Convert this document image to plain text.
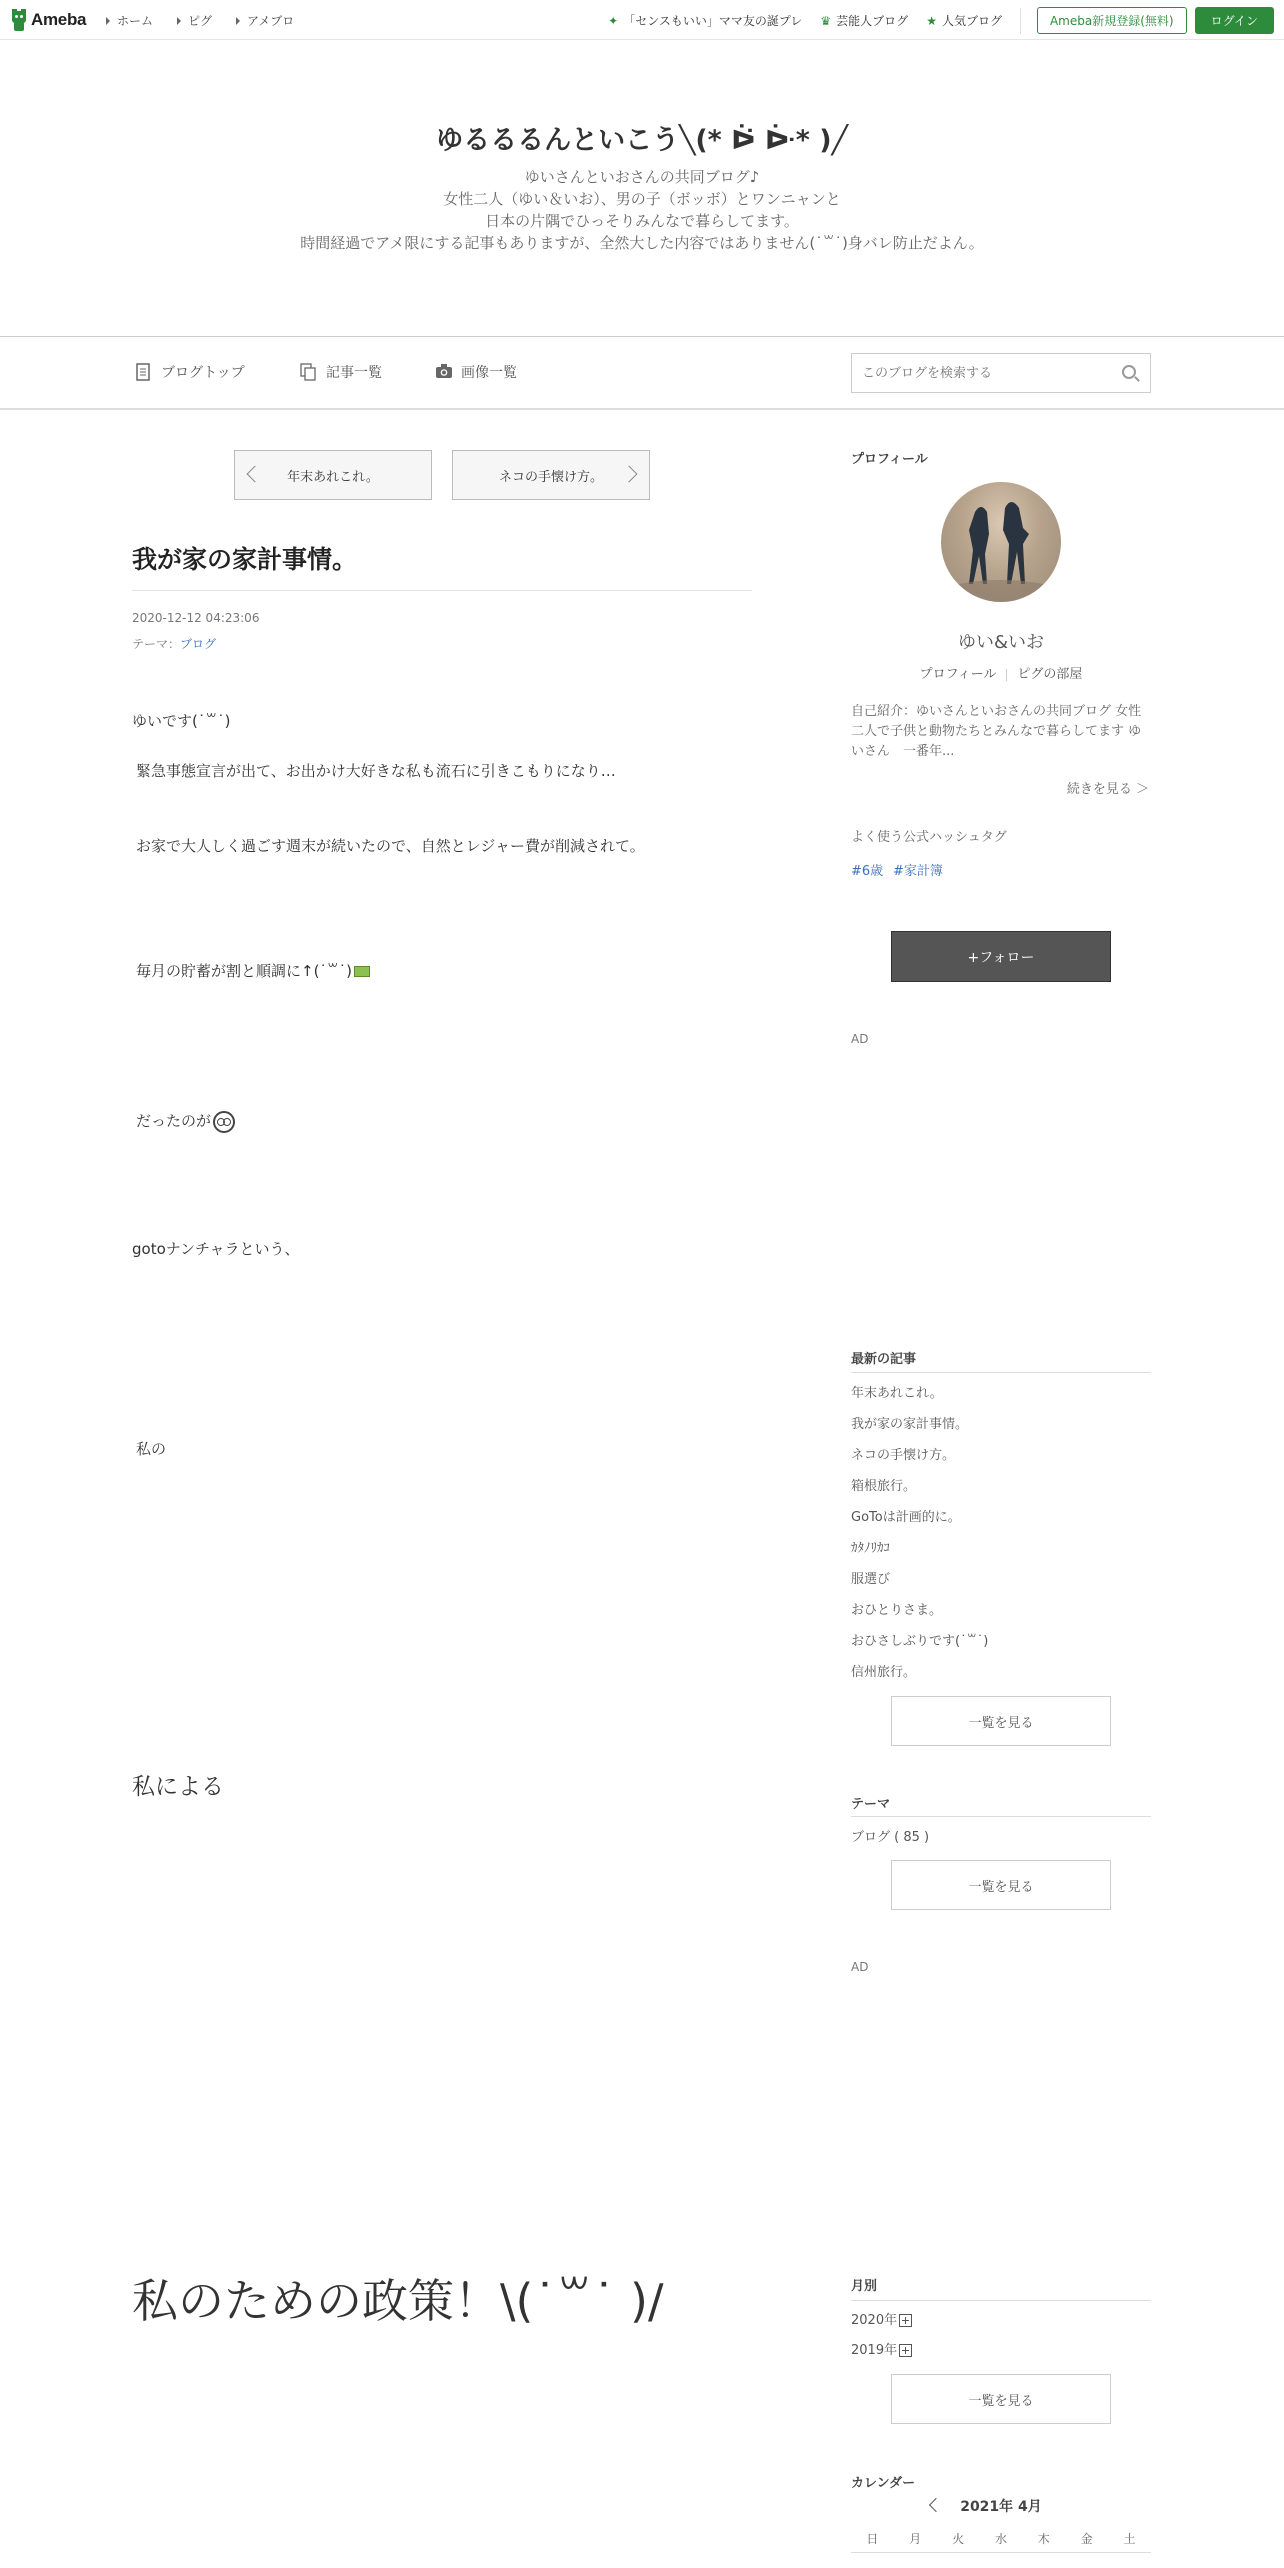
Ameba	ホーム	ピグ	アメブロ	✦ 「センスもいい」ママ友の誕プレ ♛ 芸能人ブログ ★ 人気ブログ	Ameba新規登録(無料)	ログイン
ゆるるるんといこう╲(* ᐖ ᐕ* )╱
ゆいさんといおさんの共同ブログ♪
女性二人（ゆい＆いお）、男の子（ボッボ）とワンニャンと
日本の片隅でひっそりみんなで暮らしてます。
時間経過でアメ限にする記事もありますが、全然大した内容ではありません(˙꒳˙)身バレ防止だよん。
ブログトップ	記事一覧	画像一覧
このブログを検索する
年末あれこれ。	ネコの手懐け方。
我が家の家計事情。
2020-12-12 04:23:06
テーマ：ブログ
ゆいです(˙꒳˙)
緊急事態宣言が出て、お出かけ大好きな私も流石に引きこもりになり…
お家で大人しく過ごす週末が続いたので、自然とレジャー費が削減されて。
毎月の貯蓄が割と順調に↑(˙꒳˙)
だったのが
gotoナンチャラという、
私の
私による
私のための政策！\(˙꒳˙ )/
プロフィール
ゆい&いお
プロフィール ピグの部屋
自己紹介：ゆいさんといおさんの共同ブログ 女性二人で子供と動物たちとみんなで暮らしてます ゆいさん　一番年...
続きを見る ＞
よく使う公式ハッシュタグ
#6歳 #家計簿
+フォロー
AD
最新の記事
年末あれこれ。
我が家の家計事情。
ネコの手懐け方。
箱根旅行。
GoToは計画的に。
ｶﾀﾉﾘｶｺ
服選び
おひとりさま。
おひさしぶりです(˙꒳˙)
信州旅行。
一覧を見る
テーマ
ブログ ( 85 )
一覧を見る
AD
月別
2020年
2019年
一覧を見る
カレンダー
2021年 4月
日	月	火	水	木	金	土
